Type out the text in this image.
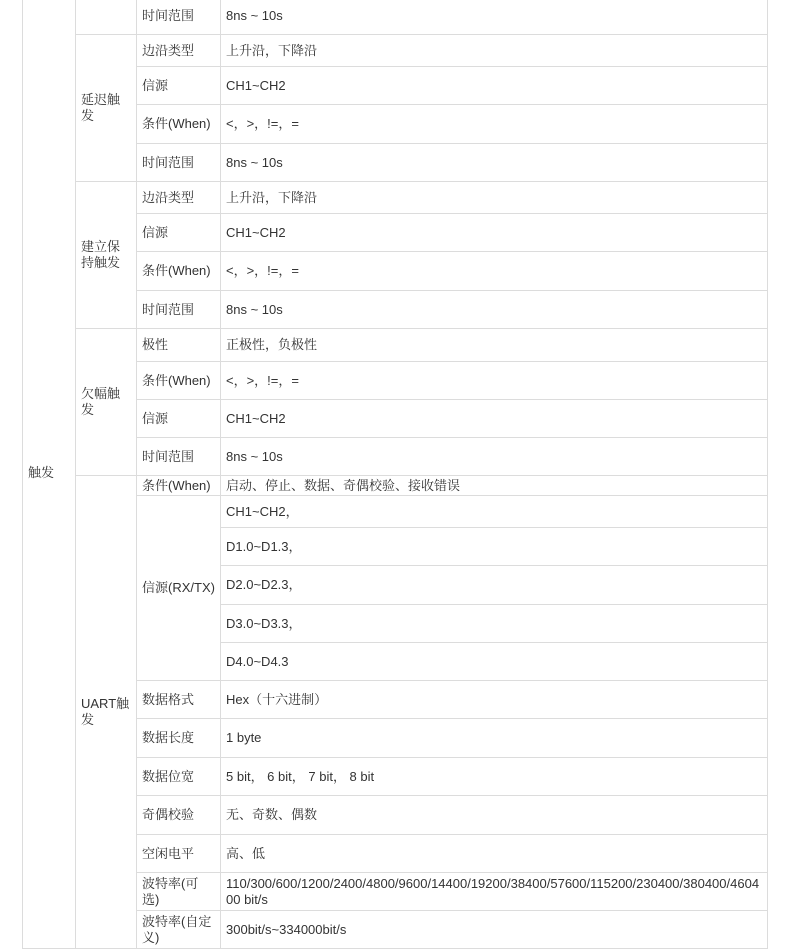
触发		时间范围	8ns ~ 10s
	延迟触发	边沿类型	上升沿，下降沿
		信源	CH1~CH2
		条件(When)	<，>，!=，=
		时间范围	8ns ~ 10s
	建立保持触发	边沿类型	上升沿，下降沿
		信源	CH1~CH2
		条件(When)	<，>，!=，=
		时间范围	8ns ~ 10s
	欠幅触发	极性	正极性，负极性
		条件(When)	<，>，!=，=
		信源	CH1~CH2
		时间范围	8ns ~ 10s
	UART触发	条件(When)	启动、停止、数据、奇偶校验、接收错误
		信源(RX/TX)	CH1~CH2，
			D1.0~D1.3，
			D2.0~D2.3，
			D3.0~D3.3，
			D4.0~D4.3
		数据格式	Hex（十六进制）
		数据长度	1 byte
		数据位宽	5 bit， 6 bit， 7 bit， 8 bit
		奇偶校验	无、奇数、偶数
		空闲电平	高、低
		波特率(可选)	110/300/600/1200/2400/4800/9600/14400/19200/38400/57600/115200/230400/380400/460400 bit/s
		波特率(自定义)	300bit/s~334000bit/s
